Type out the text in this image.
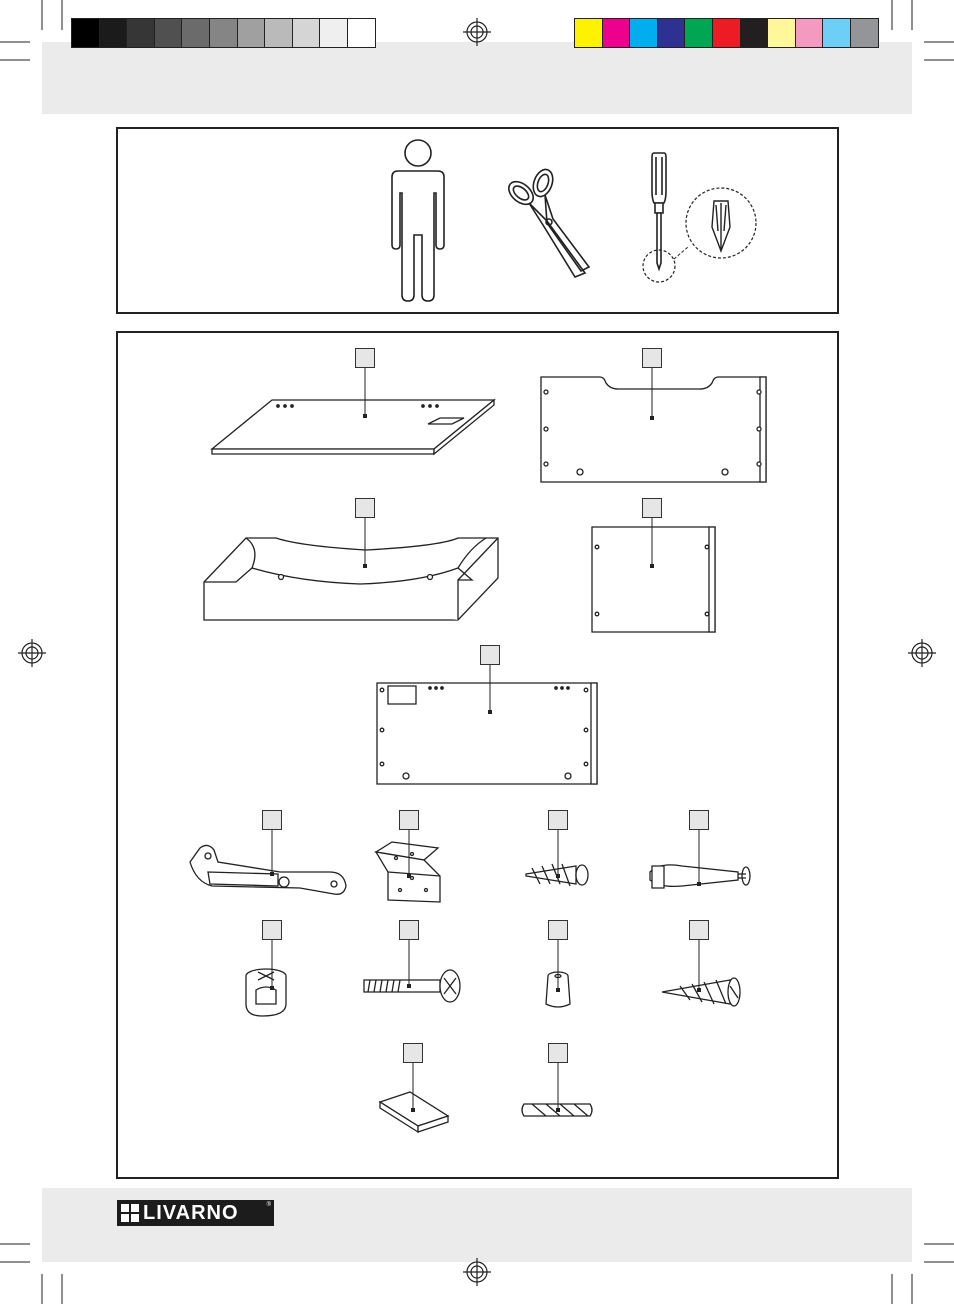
LIVARNO	®
